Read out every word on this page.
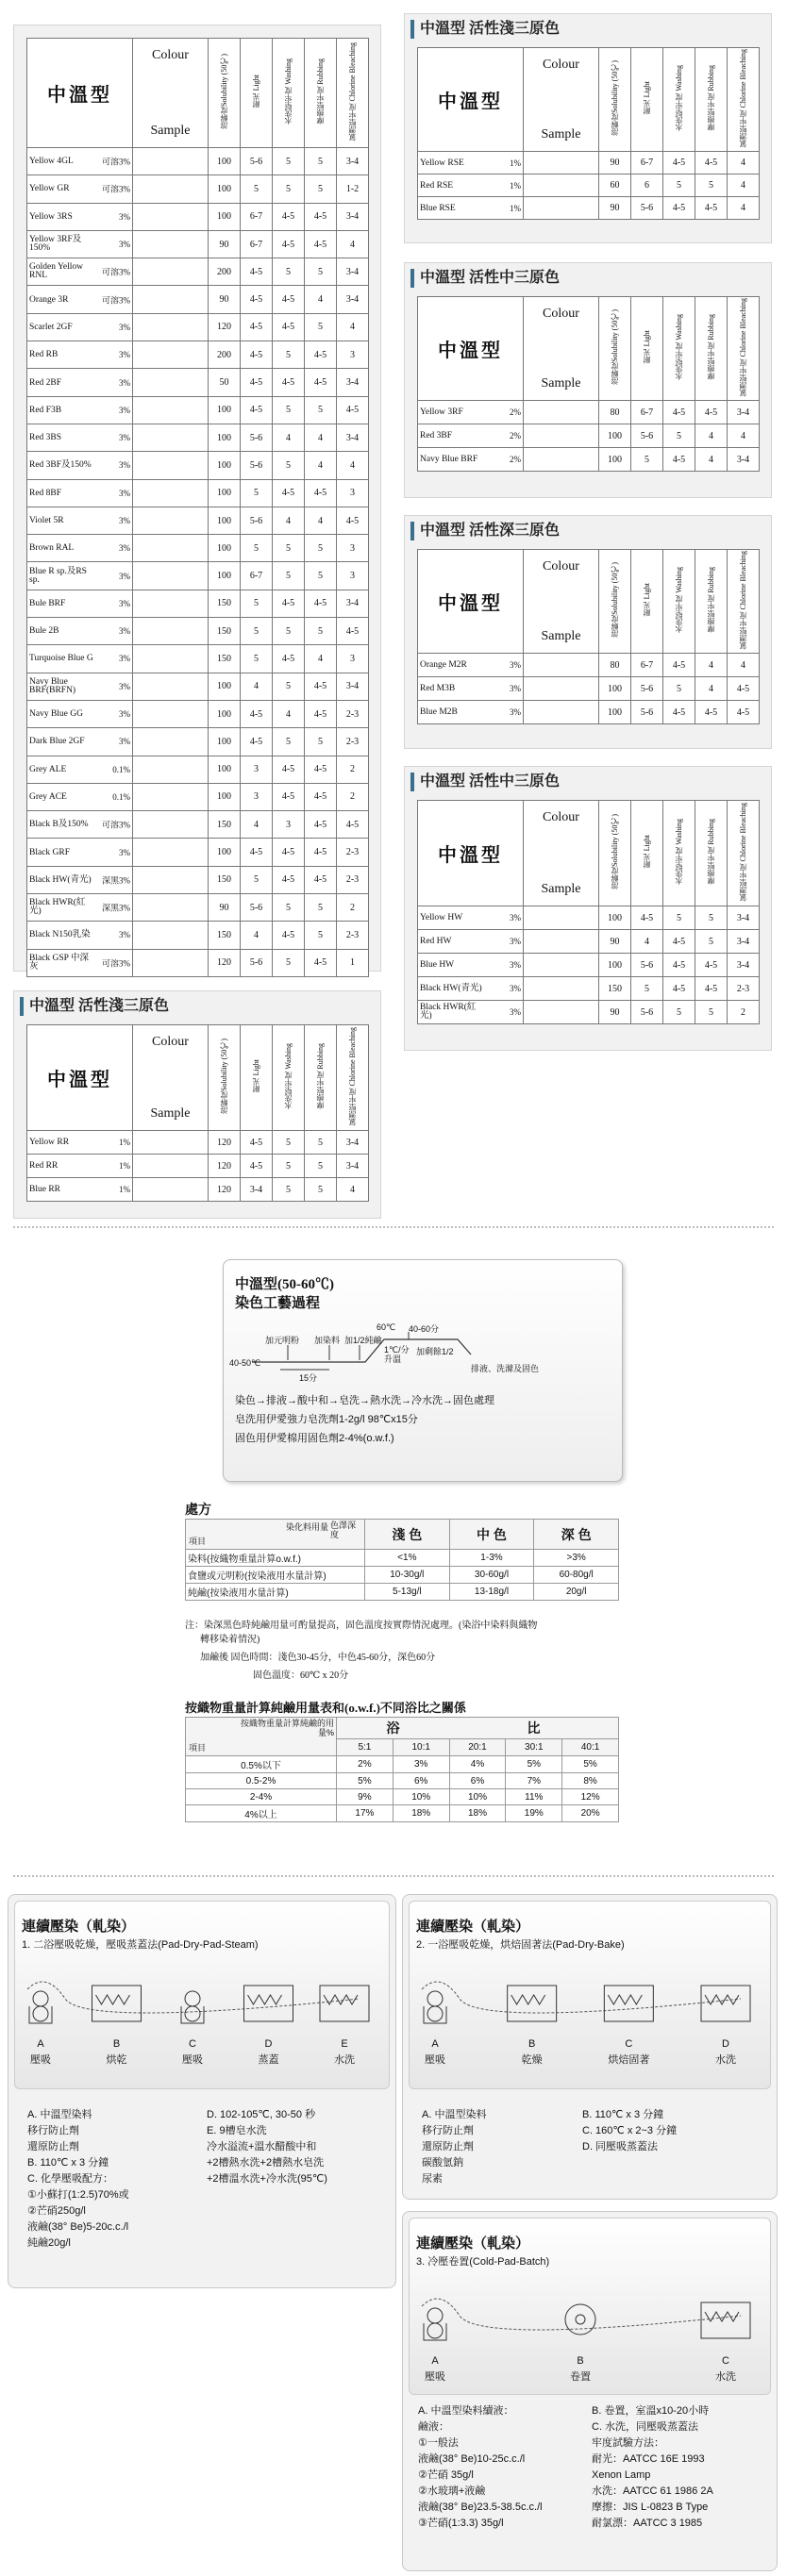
中溫型	Colour
Sample	溶解度Solubility (50℃)	耐光 Light	水洗堅牢度 Washing	摩擦堅牢度 Rubbing	氯漂堅牢度 Chlorine Bleaching
Yellow 4GL 可溶3%		100	5-6	5	5	3-4
Yellow GR 可溶3%		100	5	5	5	1-2
Yellow 3RS 3%		100	6-7	4-5	4-5	3-4
Yellow 3RF及150% 3%		90	6-7	4-5	4-5	4
Golden Yellow RNL 可溶3%		200	4-5	5	5	3-4
Orange 3R 可溶3%		90	4-5	4-5	4	3-4
Scarlet 2GF 3%		120	4-5	4-5	5	4
Red RB 3%		200	4-5	5	4-5	3
Red 2BF 3%		50	4-5	4-5	4-5	3-4
Red F3B 3%		100	4-5	5	5	4-5
Red 3BS 3%		100	5-6	4	4	3-4
Red 3BF及150% 3%		100	5-6	5	4	4
Red 8BF 3%		100	5	4-5	4-5	3
Violet 5R 3%		100	5-6	4	4	4-5
Brown RAL 3%		100	5	5	5	3
Blue R sp.及RS sp. 3%		100	6-7	5	5	3
Bule BRF 3%		150	5	4-5	4-5	3-4
Bule 2B 3%		150	5	5	5	4-5
Turquoise Blue G 3%		150	5	4-5	4	3
Navy Blue BRF(BRFN) 3%		100	4	5	4-5	3-4
Navy Blue GG 3%		100	4-5	4	4-5	2-3
Dark Blue 2GF 3%		100	4-5	5	5	2-3
Grey ALE 0.1%		100	3	4-5	4-5	2
Grey ACE 0.1%		100	3	4-5	4-5	2
Black B及150% 可溶3%		150	4	3	4-5	4-5
Black GRF 3%		100	4-5	4-5	4-5	2-3
Black HW(青光) 深黑3%		150	5	4-5	4-5	2-3
Black HWR(紅光) 深黑3%		90	5-6	5	5	2
Black N150乳染 3%		150	4	4-5	5	2-3
Black GSP 中深灰 可溶3%		120	5-6	5	4-5	1
中溫型 活性淺三原色
中溫型	Colour
Sample	溶解度Solubility (50℃)	耐光 Light	水洗堅牢度 Washing	摩擦堅牢度 Rubbing	氯漂堅牢度 Chlorine Bleaching
Yellow RSE 1%		90	6-7	4-5	4-5	4
Red RSE 1%		60	6	5	5	4
Blue RSE 1%		90	5-6	4-5	4-5	4
中溫型 活性中三原色
中溫型	Colour
Sample	溶解度Solubility (50℃)	耐光 Light	水洗堅牢度 Washing	摩擦堅牢度 Rubbing	氯漂堅牢度 Chlorine Bleaching
Yellow 3RF 2%		80	6-7	4-5	4-5	3-4
Red 3BF 2%		100	5-6	5	4	4
Navy Blue BRF 2%		100	5	4-5	4	3-4
中溫型 活性深三原色
中溫型	Colour
Sample	溶解度Solubility (50℃)	耐光 Light	水洗堅牢度 Washing	摩擦堅牢度 Rubbing	氯漂堅牢度 Chlorine Bleaching
Orange M2R 3%		80	6-7	4-5	4	4
Red M3B 3%		100	5-6	5	4	4-5
Blue M2B 3%		100	5-6	4-5	4-5	4-5
中溫型 活性中三原色
中溫型	Colour
Sample	溶解度Solubility (50℃)	耐光 Light	水洗堅牢度 Washing	摩擦堅牢度 Rubbing	氯漂堅牢度 Chlorine Bleaching
Yellow HW 3%		100	4-5	5	5	3-4
Red HW 3%		90	4	4-5	5	3-4
Blue HW 3%		100	5-6	4-5	4-5	3-4
Black HW(青光) 3%		150	5	4-5	4-5	2-3
Black HWR(紅光) 3%		90	5-6	5	5	2
中溫型 活性淺三原色
中溫型	Colour
Sample	溶解度Solubility (50℃)	耐光 Light	水洗堅牢度 Washing	摩擦堅牢度 Rubbing	氯漂堅牢度 Chlorine Bleaching
Yellow RR 1%		120	4-5	5	5	3-4
Red RR 1%		120	4-5	5	5	3-4
Blue RR 1%		120	3-4	5	5	4
中溫型(50-60℃)
染色工藝過程
60℃ 40-60分
加元明粉 加染料 加1/2純鹼
1℃/分升溫
加剩餘1/2
40-50℃
15分
排液、洗滌及固色
染色→排液→酸中和→皂洗→熱水洗→冷水洗→固色處理
皂洗用伊愛強力皂洗劑1-2g/l 98℃x15分
固色用伊愛棉用固色劑2-4%(o.w.f.)
處方
染化料用量 色澤深度
項目	淺 色	中 色	深 色
染料(按織物重量計算o.w.f.)	<1%	1-3%	>3%
食鹽或元明粉(按染液用水量計算)	10-30g/l	30-60g/l	60-80g/l
純鹼(按染液用水量計算)	5-13g/l	13-18g/l	20g/l
注：染深黑色時純鹼用量可酌量提高，固色溫度按實際情況處理。(染浴中染料與織物
轉移染着情況)
加鹼後 固色時間：淺色30-45分，中色45-60分，深色60分
固色溫度：60℃ x 20分
按織物重量計算純鹼用量表和(o.w.f.)不同浴比之關係
按織物重量計算純鹼的用量%
項目	浴		比		
	5:1	10:1	20:1	30:1	40:1
0.5%以下	2%	3%	4%	5%	5%
0.5-2%	5%	6%	6%	7%	8%
2-4%	9%	10%	10%	11%	12%
4%以上	17%	18%	18%	19%	20%
連續壓染（軋染）
1. 二浴壓吸乾燥，壓吸蒸蓋法(Pad-Dry-Pad-Steam)
A
壓吸
B
烘乾
C
壓吸
D
蒸蓋
E
水洗
A. 中溫型染料
移行防止劑
還原防止劑
B. 110℃ x 3 分鐘
C. 化學壓吸配方：
①小蘇打(1:2.5)70%或
②芒硝250g/l
液鹼(38° Be)5-20c.c./l
純鹼20g/l
D. 102-105℃, 30-50 秒
E. 9槽皂水洗
冷水溢流+溫水醋酸中和
+2槽熱水洗+2槽熱水皂洗
+2槽溫水洗+冷水洗(95℃)
連續壓染（軋染）
2. 一浴壓吸乾燥，烘焙固著法(Pad-Dry-Bake)
A
壓吸
B
乾燥
C
烘焙固著
D
水洗
A. 中溫型染料
移行防止劑
還原防止劑
碳酸氫鈉
尿素
B. 110℃ x 3 分鐘
C. 160℃ x 2~3 分鐘
D. 同壓吸蒸蓋法
連續壓染（軋染）
3. 冷壓卷置(Cold-Pad-Batch)
A
壓吸
B
卷置
C
水洗
A. 中溫型染料續液：
鹼液：
①一般法
液鹼(38° Be)10-25c.c./l
②芒硝 35g/l
②水玻璃+液鹼
液鹼(38° Be)23.5-38.5c.c./l
③芒硝(1:3.3) 35g/l
B. 卷置，室溫x10-20小時
C. 水洗，同壓吸蒸蓋法
牢度試驗方法：
耐光：AATCC 16E 1993
Xenon Lamp
水洗：AATCC 61 1986 2A
摩擦：JIS L-0823 B Type
耐氯漂：AATCC 3 1985
